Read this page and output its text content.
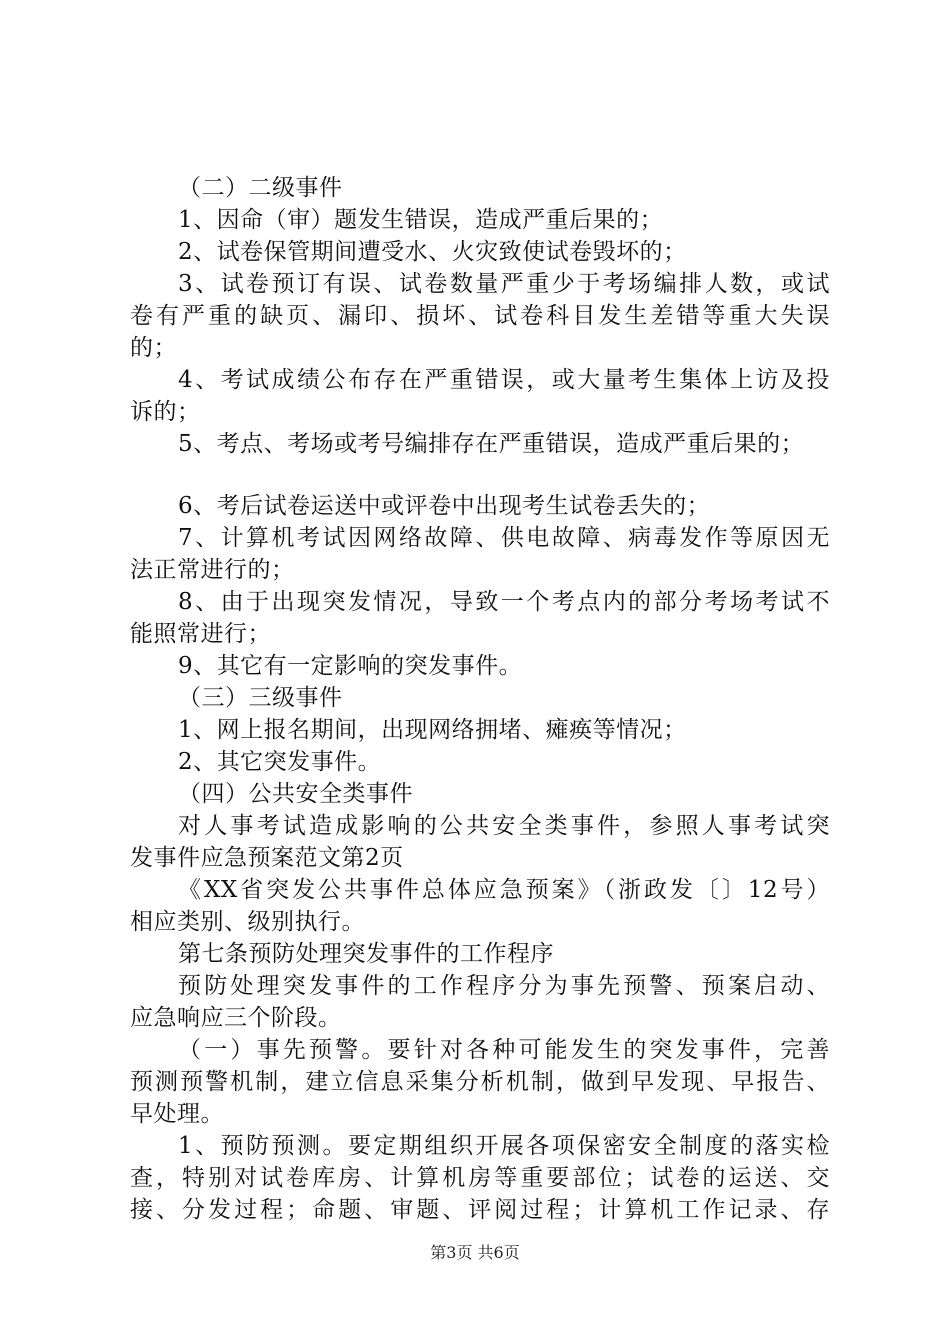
（二）二级事件
1、因命（审）题发生错误，造成严重后果的；
2、试卷保管期间遭受水、火灾致使试卷毁坏的；
3、试卷预订有误、试卷数量严重少于考场编排人数，或试
卷有严重的缺页、漏印、损坏、试卷科目发生差错等重大失误
的；
4、考试成绩公布存在严重错误，或大量考生集体上访及投
诉的；
5、考点、考场或考号编排存在严重错误，造成严重后果的；
6、考后试卷运送中或评卷中出现考生试卷丢失的；
7、计算机考试因网络故障、供电故障、病毒发作等原因无
法正常进行的；
8、由于出现突发情况，导致一个考点内的部分考场考试不
能照常进行；
9、其它有一定影响的突发事件。
（三）三级事件
1、网上报名期间，出现网络拥堵、瘫痪等情况；
2、其它突发事件。
（四）公共安全类事件
对人事考试造成影响的公共安全类事件，参照人事考试突
发事件应急预案范文第2页
《XX省突发公共事件总体应急预案》（浙政发〔〕12号）
相应类别、级别执行。
第七条预防处理突发事件的工作程序
预防处理突发事件的工作程序分为事先预警、预案启动、
应急响应三个阶段。
（一）事先预警。要针对各种可能发生的突发事件，完善
预测预警机制，建立信息采集分析机制，做到早发现、早报告、
早处理。
1、预防预测。要定期组织开展各项保密安全制度的落实检
查，特别对试卷库房、计算机房等重要部位；试卷的运送、交
接、分发过程；命题、审题、评阅过程；计算机工作记录、存
第3页 共6页
